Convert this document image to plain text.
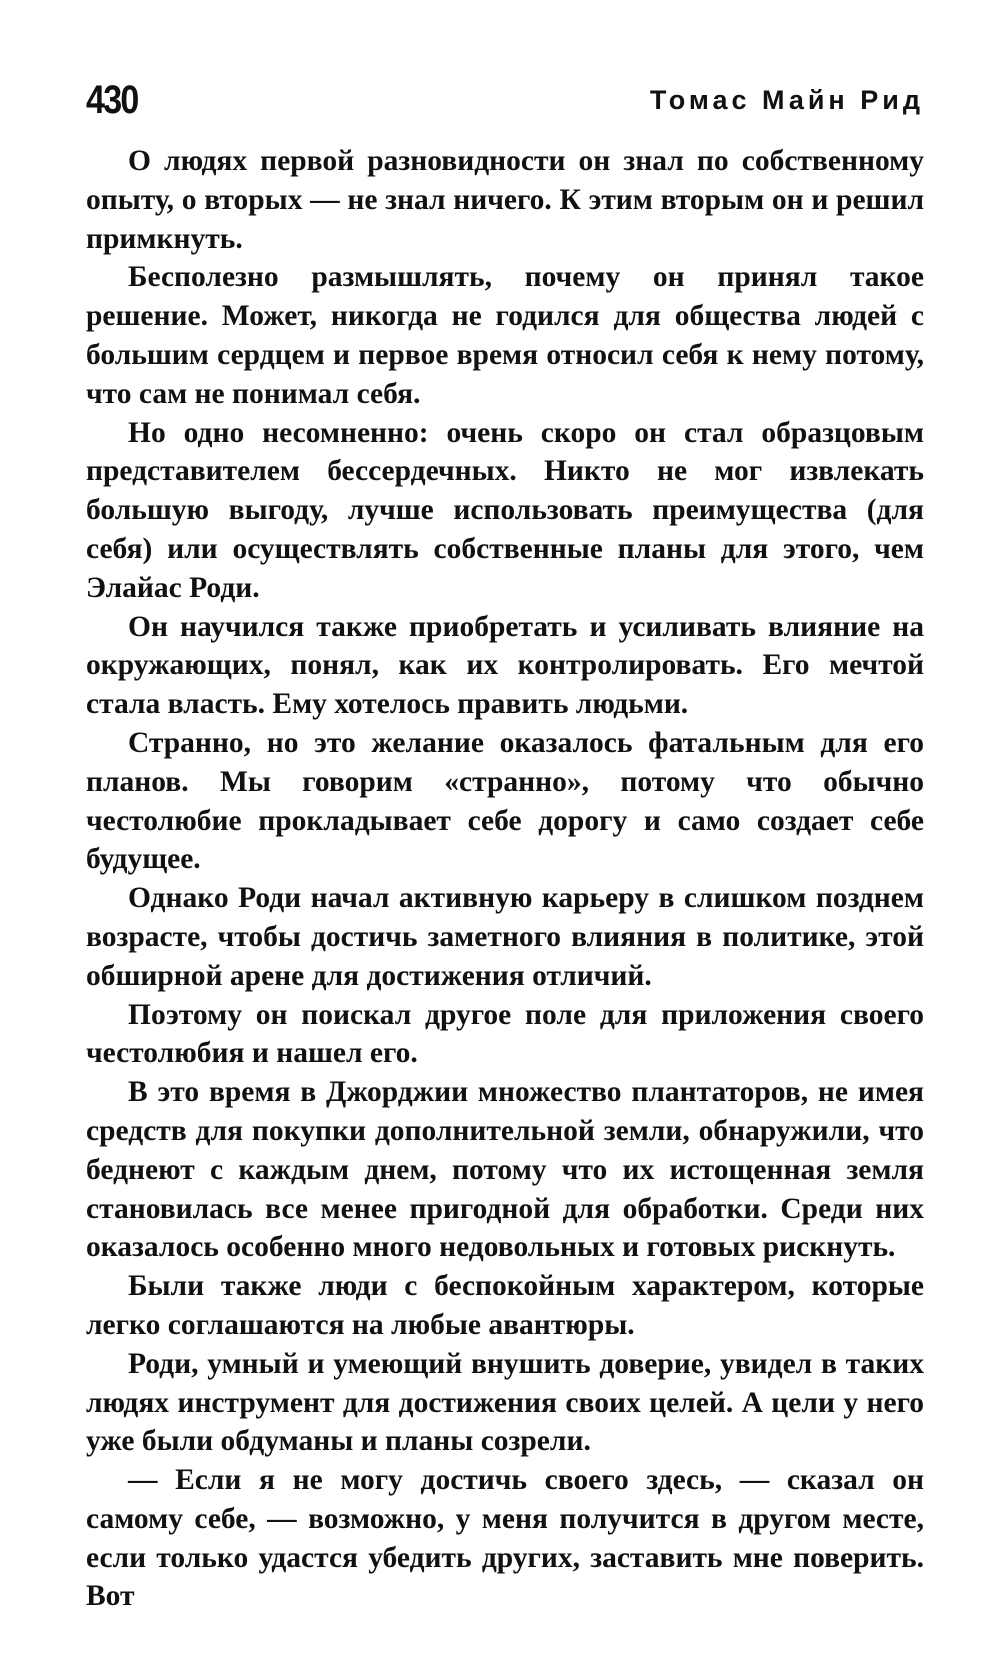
430	Томас Майн Рид

О людях первой разновидности он знал по собственному опыту, о вторых — не знал ничего. К этим вторым он и решил примкнуть.

Бесполезно размышлять, почему он принял такое решение. Может, никогда не годился для общества людей с большим сердцем и первое время относил себя к нему потому, что сам не понимал себя.

Но одно несомненно: очень скоро он стал образцовым представителем бессердечных. Никто не мог извлекать большую выгоду, лучше использовать преимущества (для себя) или осуществлять собственные планы для этого, чем Элайас Роди.

Он научился также приобретать и усиливать влияние на окружающих, понял, как их контролировать. Его мечтой стала власть. Ему хотелось править людьми.

Странно, но это желание оказалось фатальным для его планов. Мы говорим «странно», потому что обычно честолюбие прокладывает себе дорогу и само создает себе будущее.

Однако Роди начал активную карьеру в слишком позднем возрасте, чтобы достичь заметного влияния в политике, этой обширной арене для достижения отличий.

Поэтому он поискал другое поле для приложения своего честолюбия и нашел его.

В это время в Джорджии множество плантаторов, не имея средств для покупки дополнительной земли, обнаружили, что беднеют с каждым днем, потому что их истощенная земля становилась все менее пригодной для обработки. Среди них оказалось особенно много недовольных и готовых рискнуть.

Были также люди с беспокойным характером, которые легко соглашаются на любые авантюры.

Роди, умный и умеющий внушить доверие, увидел в таких людях инструмент для достижения своих целей. А цели у него уже были обдуманы и планы созрели.

— Если я не могу достичь своего здесь, — сказал он самому себе, — возможно, у меня получится в другом месте, если только удастся убедить других, заставить мне поверить. Вот
